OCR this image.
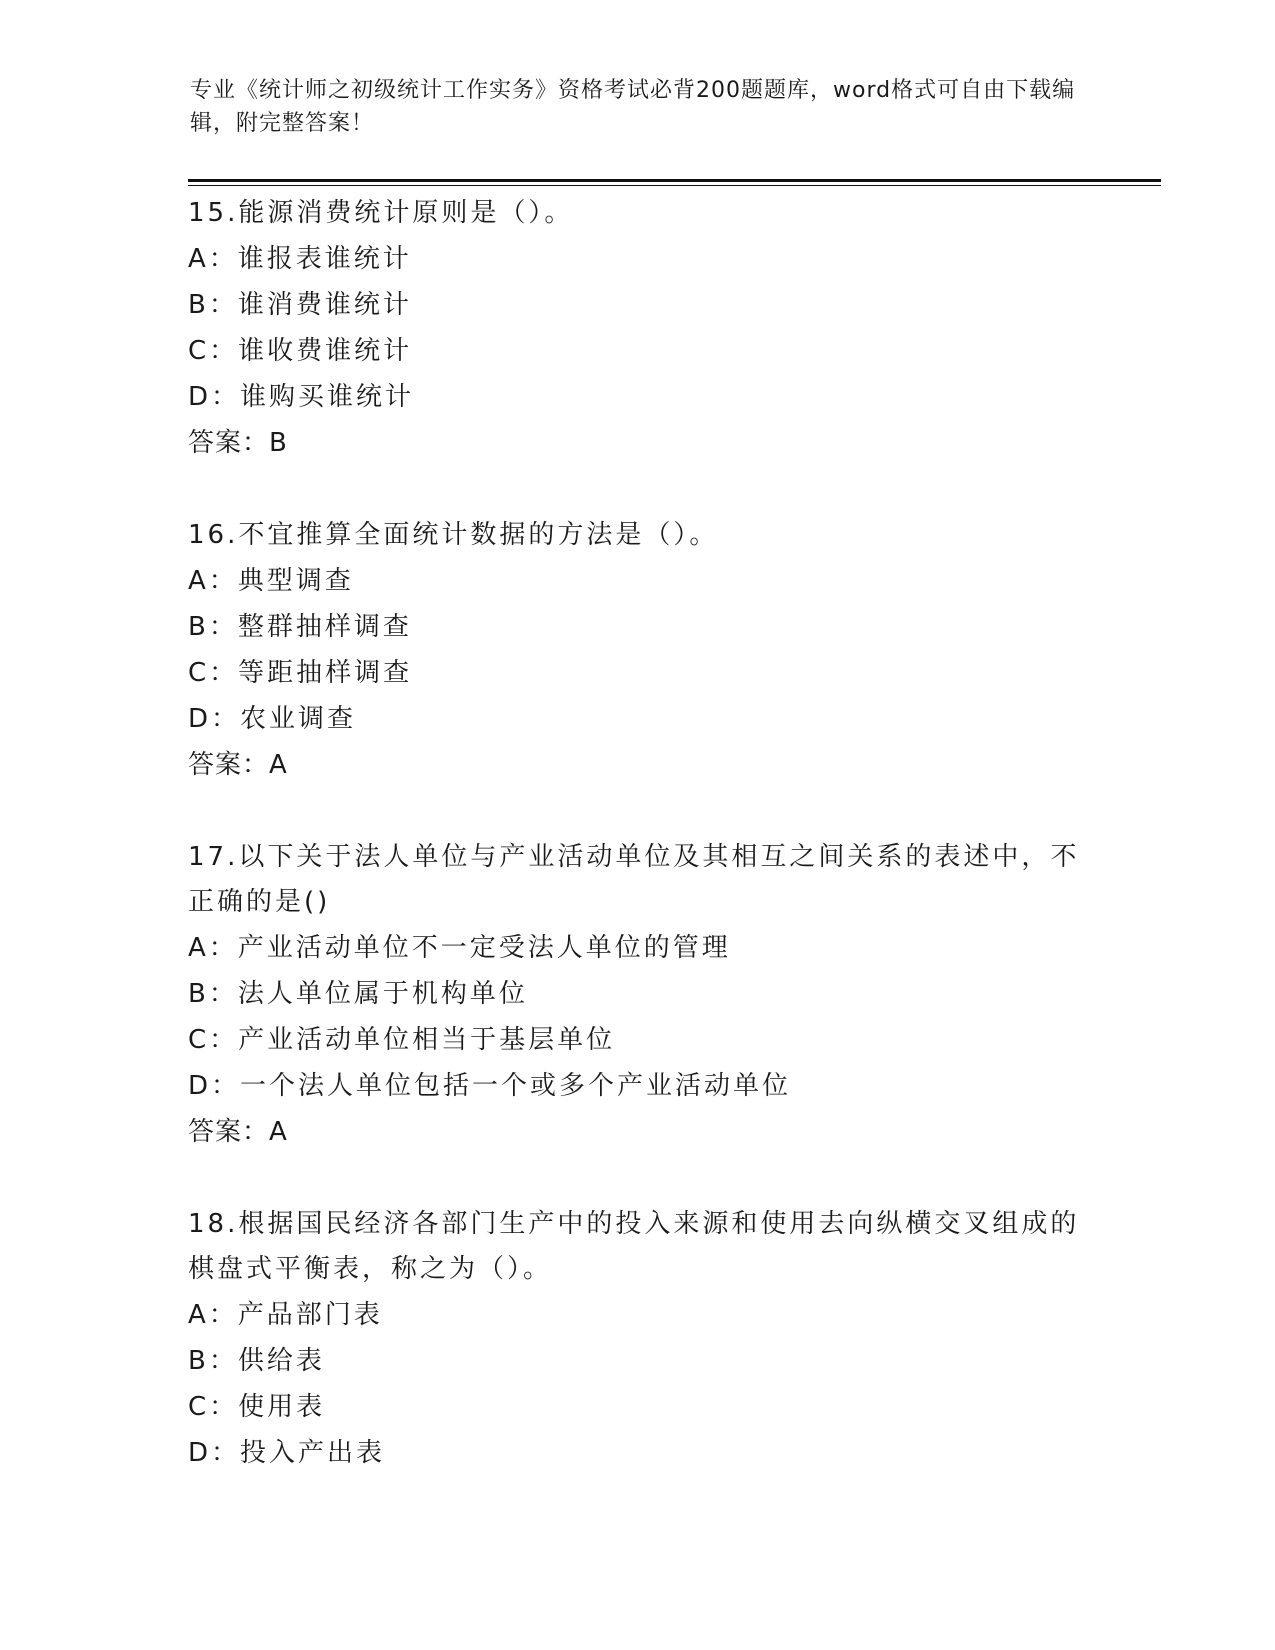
专业《统计师之初级统计工作实务》资格考试必背200题题库，word格式可自由下载编辑，附完整答案！
15.能源消费统计原则是（）。
A：谁报表谁统计
B：谁消费谁统计
C：谁收费谁统计
D：谁购买谁统计
答案：B
16.不宜推算全面统计数据的方法是（）。
A：典型调查
B：整群抽样调查
C：等距抽样调查
D：农业调查
答案：A
17.以下关于法人单位与产业活动单位及其相互之间关系的表述中，不正确的是()
A：产业活动单位不一定受法人单位的管理
B：法人单位属于机构单位
C：产业活动单位相当于基层单位
D：一个法人单位包括一个或多个产业活动单位
答案：A
18.根据国民经济各部门生产中的投入来源和使用去向纵横交叉组成的棋盘式平衡表，称之为（）。
A：产品部门表
B：供给表
C：使用表
D：投入产出表
